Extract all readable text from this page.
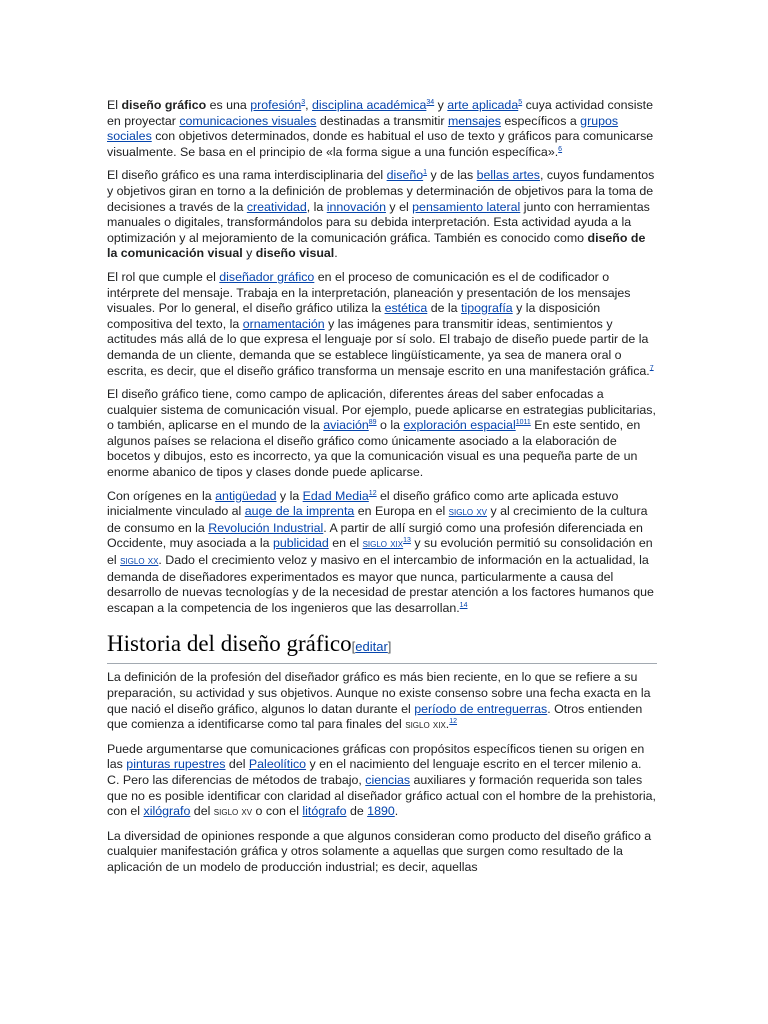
El diseño gráfico es una profesión$^3$, disciplina académica$^{34}$ y arte aplicada$^5$ cuya actividad consiste en proyectar comunicaciones visuales destinadas a transmitir mensajes específicos a grupos sociales con objetivos determinados, donde es habitual el uso de texto y gráficos para comunicarse visualmente. Se basa en el principio de «la forma sigue a una función específica».$^6$

El diseño gráfico es una rama interdisciplinaria del diseño$^1$ y de las bellas artes, cuyos fundamentos y objetivos giran en torno a la definición de problemas y determinación de objetivos para la toma de decisiones a través de la creatividad, la innovación y el pensamiento lateral junto con herramientas manuales o digitales, transformándolos para su debida interpretación. Esta actividad ayuda a la optimización y al mejoramiento de la comunicación gráfica. También es conocido como diseño de la comunicación visual y diseño visual.

El rol que cumple el diseñador gráfico en el proceso de comunicación es el de codificador o intérprete del mensaje. Trabaja en la interpretación, planeación y presentación de los mensajes visuales. Por lo general, el diseño gráfico utiliza la estética de la tipografía y la disposición compositiva del texto, la ornamentación y las imágenes para transmitir ideas, sentimientos y actitudes más allá de lo que expresa el lenguaje por sí solo. El trabajo de diseño puede partir de la demanda de un cliente, demanda que se establece lingüísticamente, ya sea de manera oral o escrita, es decir, que el diseño gráfico transforma un mensaje escrito en una manifestación gráfica.$^7$

El diseño gráfico tiene, como campo de aplicación, diferentes áreas del saber enfocadas a cualquier sistema de comunicación visual. Por ejemplo, puede aplicarse en estrategias publicitarias, o también, aplicarse en el mundo de la aviación$^{89}$ o la exploración espacial$^{1011}$ En este sentido, en algunos países se relaciona el diseño gráfico como únicamente asociado a la elaboración de bocetos y dibujos, esto es incorrecto, ya que la comunicación visual es una pequeña parte de un enorme abanico de tipos y clases donde puede aplicarse.

Con orígenes en la antigüedad y la Edad Media$^{12}$ el diseño gráfico como arte aplicada estuvo inicialmente vinculado al auge de la imprenta en Europa en el siglo xv y al crecimiento de la cultura de consumo en la Revolución Industrial. A partir de allí surgió como una profesión diferenciada en Occidente, muy asociada a la publicidad en el siglo xix$^{13}$ y su evolución permitió su consolidación en el siglo xx. Dado el crecimiento veloz y masivo en el intercambio de información en la actualidad, la demanda de diseñadores experimentados es mayor que nunca, particularmente a causa del desarrollo de nuevas tecnologías y de la necesidad de prestar atención a los factores humanos que escapan a la competencia de los ingenieros que las desarrollan.$^{14}$

Historia del diseño gráfico[editar]

La definición de la profesión del diseñador gráfico es más bien reciente, en lo que se refiere a su preparación, su actividad y sus objetivos. Aunque no existe consenso sobre una fecha exacta en la que nació el diseño gráfico, algunos lo datan durante el período de entreguerras. Otros entienden que comienza a identificarse como tal para finales del siglo xix.$^{12}$

Puede argumentarse que comunicaciones gráficas con propósitos específicos tienen su origen en las pinturas rupestres del Paleolítico y en el nacimiento del lenguaje escrito en el tercer milenio a. C. Pero las diferencias de métodos de trabajo, ciencias auxiliares y formación requerida son tales que no es posible identificar con claridad al diseñador gráfico actual con el hombre de la prehistoria, con el xilógrafo del siglo xv o con el litógrafo de 1890.

La diversidad de opiniones responde a que algunos consideran como producto del diseño gráfico a cualquier manifestación gráfica y otros solamente a aquellas que surgen como resultado de la aplicación de un modelo de producción industrial; es decir, aquellas
